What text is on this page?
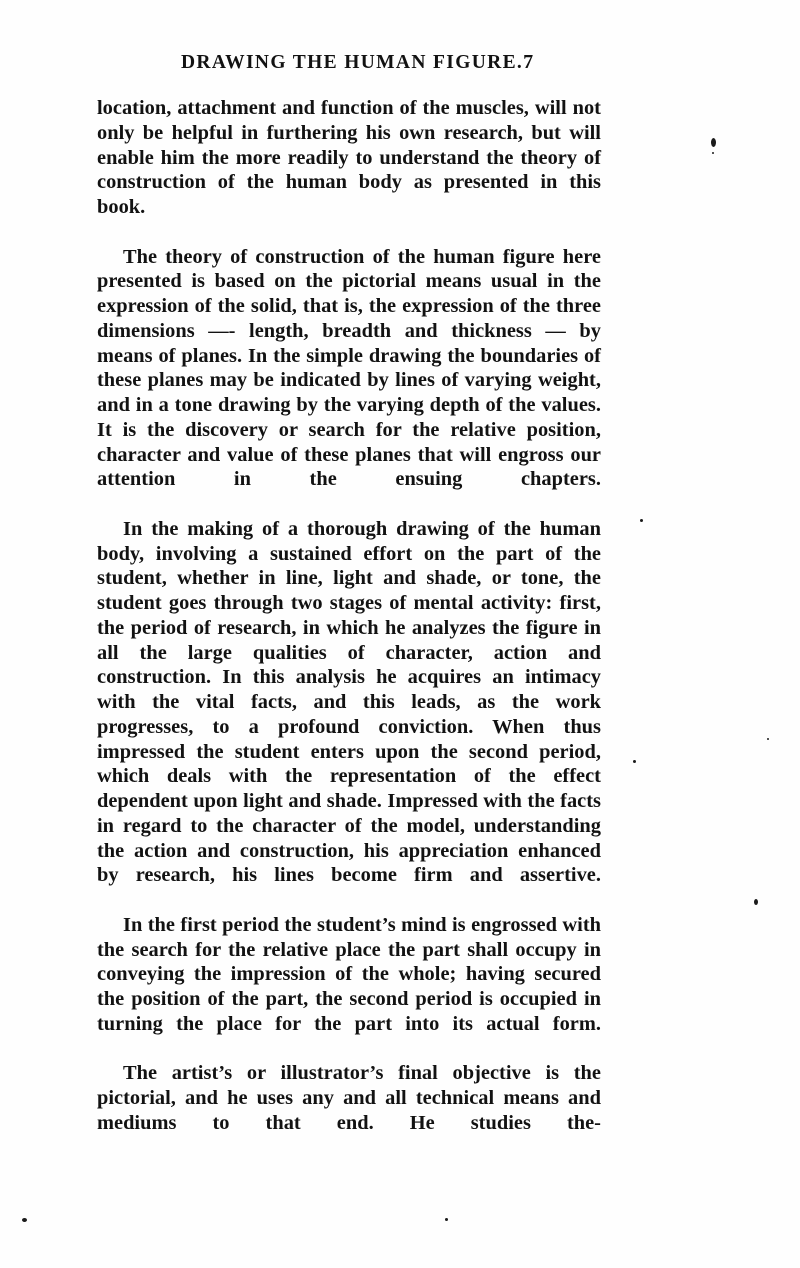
DRAWING THE HUMAN FIGURE. 7

location, attachment and function of the muscles, will not only be helpful in furthering his own research, but will enable him the more readily to understand the theory of construction of the human body as presented in this book.

The theory of construction of the human figure here presented is based on the pictorial means usual in the expression of the solid, that is, the expression of the three dimensions —- length, breadth and thickness — by means of planes. In the simple drawing the boundaries of these planes may be indicated by lines of varying weight, and in a tone drawing by the varying depth of the values. It is the discovery or search for the relative position, character and value of these planes that will engross our attention in the ensuing chapters.

In the making of a thorough drawing of the human body, involving a sustained effort on the part of the student, whether in line, light and shade, or tone, the student goes through two stages of mental activity: first, the period of research, in which he analyzes the figure in all the large qualities of character, action and construction. In this analysis he acquires an intimacy with the vital facts, and this leads, as the work progresses, to a profound conviction. When thus impressed the student enters upon the second period, which deals with the representation of the effect dependent upon light and shade. Impressed with the facts in regard to the character of the model, understanding the action and construction, his appreciation enhanced by research, his lines become firm and assertive.

In the first period the student’s mind is engrossed with the search for the relative place the part shall occupy in conveying the impression of the whole; having secured the position of the part, the second period is occupied in turning the place for the part into its actual form.

The artist’s or illustrator’s final objective is the pictorial, and he uses any and all technical means and mediums to that end. He studies the-
